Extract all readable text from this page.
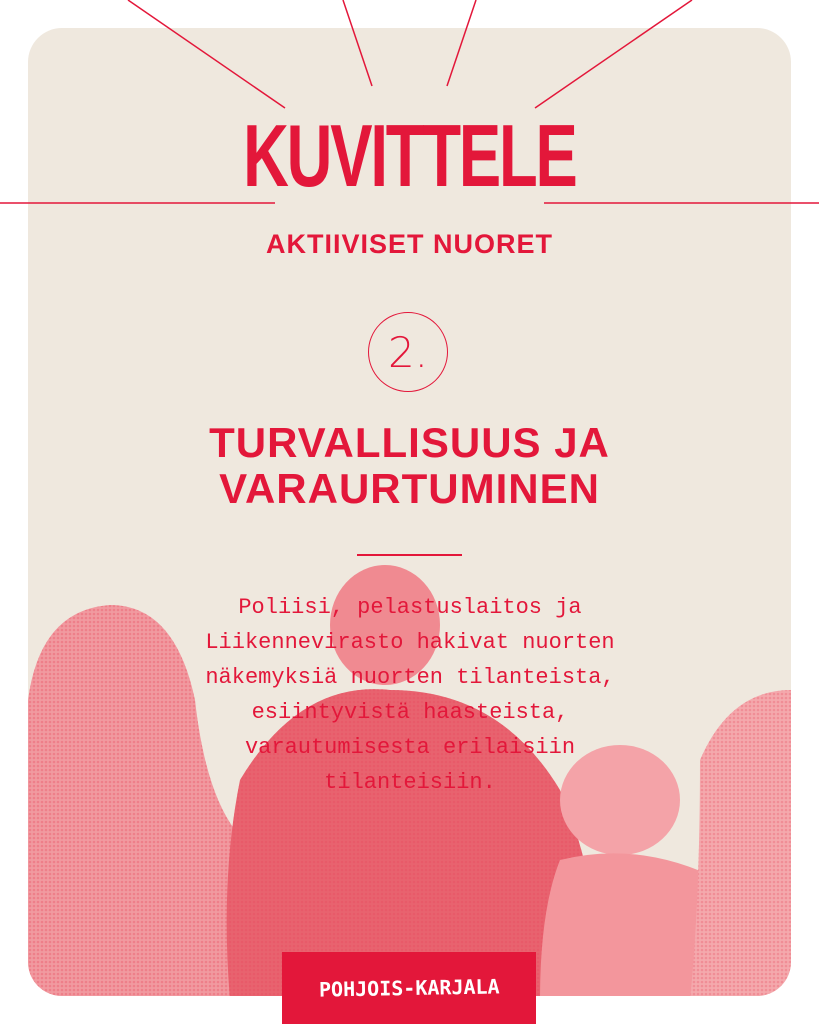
KUVITTELE
AKTIIVISET NUORET
2.
TURVALLISUUS JA
VARAURTUMINEN
Poliisi, pelastuslaitos ja
Liikennevirasto hakivat nuorten
näkemyksiä nuorten tilanteista,
esiintyvistä haasteista,
varautumisesta erilaisiin
tilanteisiin.
POHJOIS-KARJALA
